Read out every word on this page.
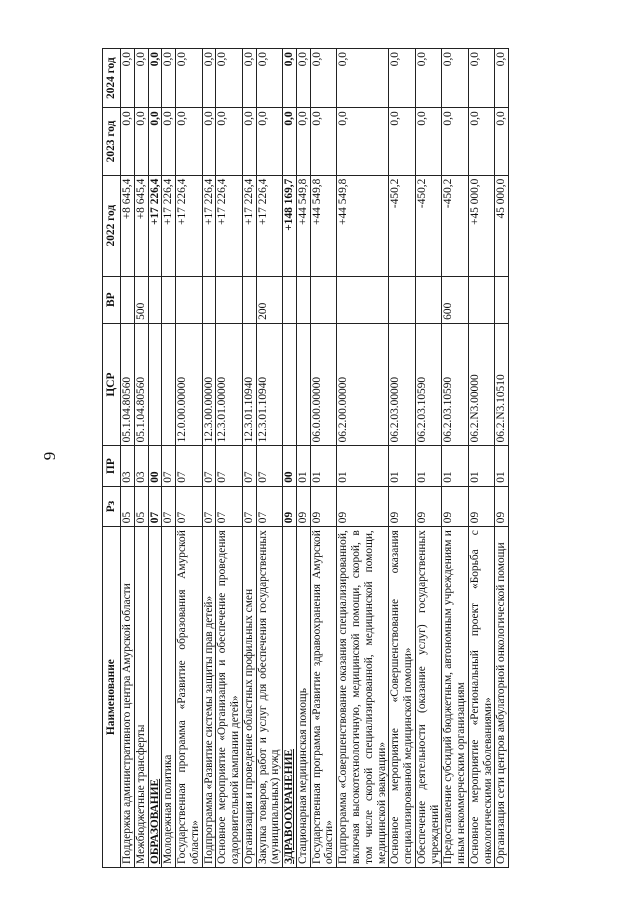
9
Наименование	Рз	ПР	ЦСР	ВР	2022 год	2023 год	2024 год
Поддержка административного центра Амурской области	05	03	05.1.04.80560		+8 645,4	0,0	0,0
Межбюджетные трансферты	05	03	05.1.04.80560	500	+8 645,4	0,0	0,0
ОБРАЗОВАНИЕ	07	00			+17 226,4	0,0	0,0
Молодежная политика	07	07			+17 226,4	0,0	0,0
Государственная программа «Развитие образования Амурской области»	07	07	12.0.00.00000		+17 226,4	0,0	0,0
Подпрограмма «Развитие системы защиты прав детей»	07	07	12.3.00.00000		+17 226,4	0,0	0,0
Основное мероприятие «Организация и обеспечение проведения оздоровительной кампании детей»	07	07	12.3.01.00000		+17 226,4	0,0	0,0
Организация и проведение областных профильных смен	07	07	12.3.01.10940		+17 226,4	0,0	0,0
Закупка товаров, работ и услуг для обеспечения государственных (муниципальных) нужд	07	07	12.3.01.10940	200	+17 226,4	0,0	0,0
ЗДРАВООХРАНЕНИЕ	09	00			+148 169,7	0,0	0,0
Стационарная медицинская помощь	09	01			+44 549,8	0,0	0,0
Государственная программа «Развитие здравоохранения Амурской области»	09	01	06.0.00.00000		+44 549,8	0,0	0,0
Подпрограмма «Совершенствование оказания специализированной, включая высокотехнологичную, медицинской помощи, скорой, в том числе скорой специализированной, медицинской помощи, медицинской эвакуации»	09	01	06.2.00.00000		+44 549,8	0,0	0,0
Основное мероприятие «Совершенствование оказания специализированной медицинской помощи»	09	01	06.2.03.00000		-450,2	0,0	0,0
Обеспечение деятельности (оказание услуг) государственных учреждений	09	01	06.2.03.10590		-450,2	0,0	0,0
Предоставление субсидий бюджетным, автономным учреждениям и иным некоммерческим организациям	09	01	06.2.03.10590	600	-450,2	0,0	0,0
Основное мероприятие «Региональный проект «Борьба с онкологическими заболеваниями»	09	01	06.2.N3.00000		+45 000,0	0,0	0,0
Организация сети центров амбулаторной онкологической помощи	09	01	06.2.N3.10510		45 000,0	0,0	0,0
